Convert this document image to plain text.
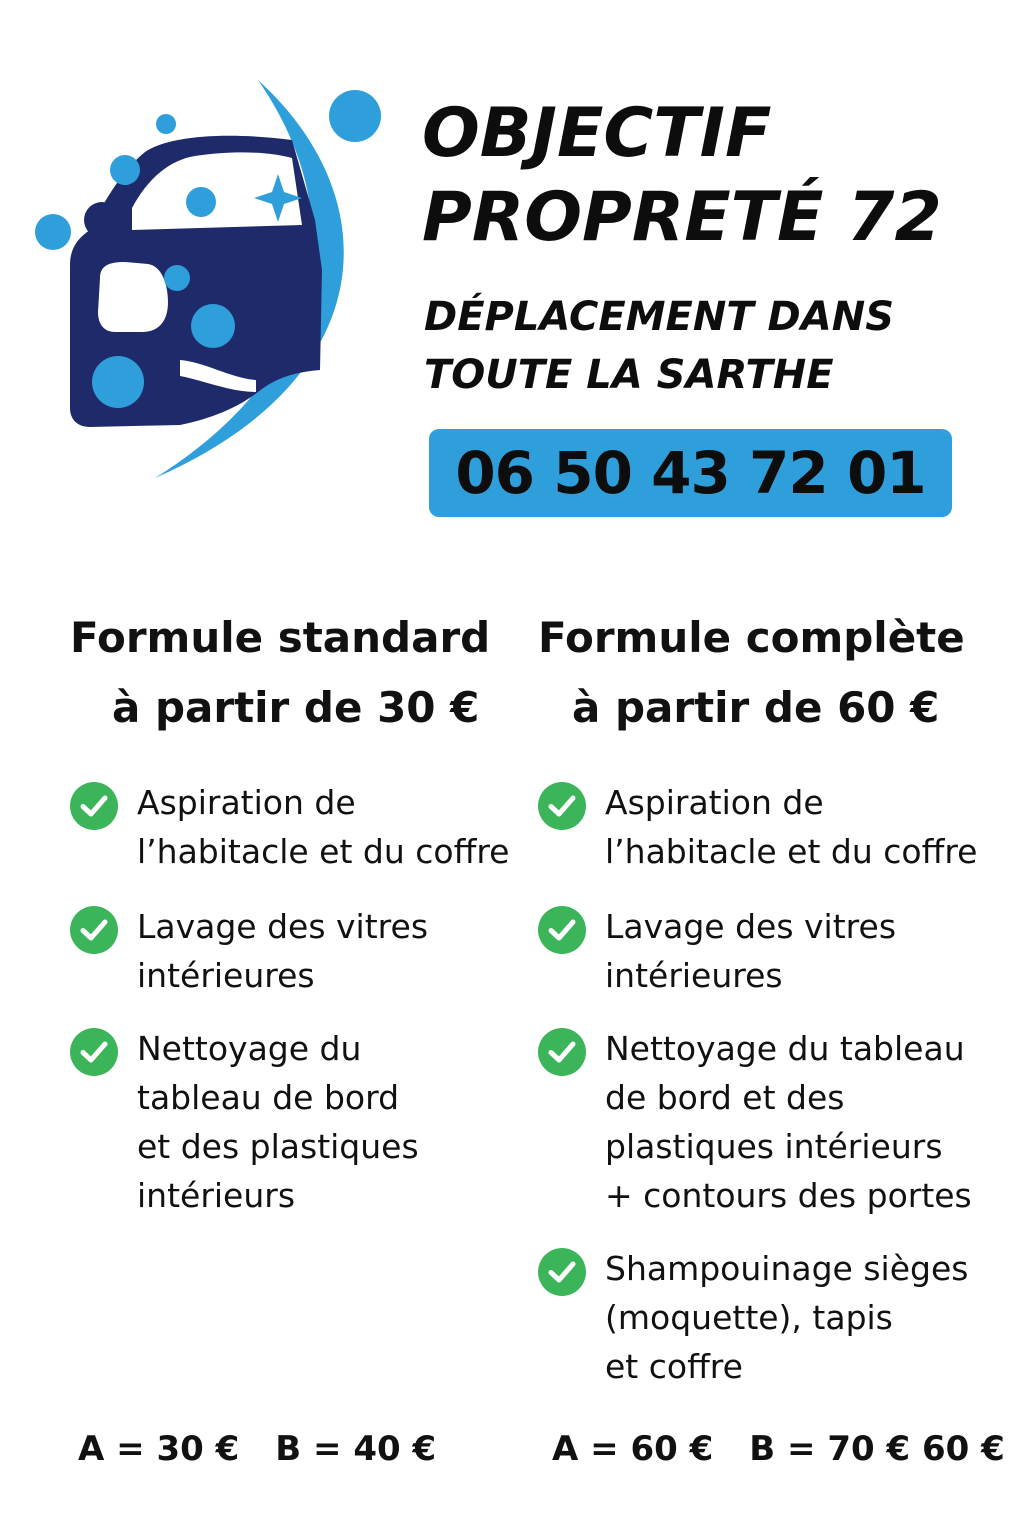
OBJECTIF
PROPRETÉ 72
DÉPLACEMENT DANS
TOUTE LA SARTHE
06 50 43 72 01
Formule standard

à partir de 30 €

Aspiration de
l’habitacle et du coffre
Lavage des vitres
intérieures
Nettoyage du
tableau de bord
et des plastiques
intérieurs
Formule complète

à partir de 60 €

Aspiration de
l’habitacle et du coffre
Lavage des vitres
intérieures
Nettoyage du tableau
de bord et des
plastiques intérieurs
+ contours des portes
Shampouinage sièges
(moquette), tapis
et coffre
A = 30 € B = 40 €	A = 60 € B = 70 € 60 €
